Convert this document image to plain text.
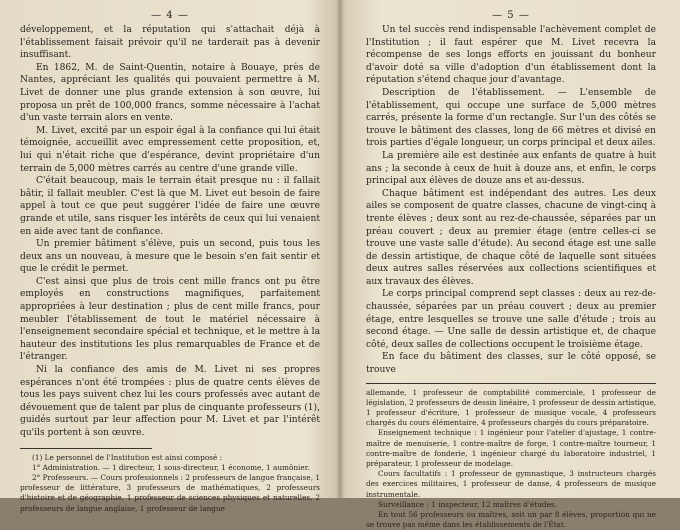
— 4 —
développement, et la réputation qui s'attachait déjà à l'établissement faisait prévoir qu'il ne tarderait pas à devenir insuffisant.
En 1862, M. de Saint-Quentin, notaire à Bouaye, près de Nantes, appréciant les qualités qui pouvaient permettre à M. Livet de donner une plus grande extension à son œuvre, lui proposa un prêt de 100,000 francs, somme nécessaire à l'achat d'un vaste terrain alors en vente.
M. Livet, excité par un espoir égal à la confiance qui lui était témoignée, accueillit avec empressement cette proposition, et, lui qui n'était riche que d'espérance, devint propriétaire d'un terrain de 5,000 mètres carrés au centre d'une grande ville.
C'était beaucoup, mais le terrain était presque nu : il fallait bâtir, il fallait meubler. C'est là que M. Livet eut besoin de faire appel à tout ce que peut suggérer l'idée de faire une œuvre grande et utile, sans risquer les intérêts de ceux qui lui venaient en aide avec tant de confiance.
Un premier bâtiment s'élève, puis un second, puis tous les deux ans un nouveau, à mesure que le besoin s'en fait sentir et que le crédit le permet.
C'est ainsi que plus de trois cent mille francs ont pu être employés en constructions magnifiques, parfaitement appropriées à leur destination ; plus de cent mille francs, pour meubler l'établissement de tout le matériel nécessaire à l'enseignement secondaire spécial et technique, et le mettre à la hauteur des institutions les plus remarquables de France et de l'étranger.
Ni la confiance des amis de M. Livet ni ses propres espérances n'ont été trompées : plus de quatre cents élèves de tous les pays suivent chez lui les cours professés avec autant de dévouement que de talent par plus de cinquante professeurs (1), guidés surtout par leur affection pour M. Livet et par l'intérêt qu'ils portent à son œuvre.
(1) Le personnel de l'Institution est ainsi composé :
1° Administration. — 1 directeur, 1 sous-directeur, 1 économe, 1 aumônier.
2° Professeurs. — Cours professionnels : 2 professeurs de langue française, 1 professeur de littérature, 3 professeurs de mathématiques, 2 professeurs d'histoire et de géographie, 1 professeur de sciences physiques et naturelles, 2 professeurs de langue anglaise, 1 professeur de langue
— 5 —
Un tel succès rend indispensable l'achèvement complet de l'Institution ; il faut espérer que M. Livet recevra la récompense de ses longs efforts en jouissant du bonheur d'avoir doté sa ville d'adoption d'un établissement dont la réputation s'étend chaque jour d'avantage.
Description de l'établissement. — L'ensemble de l'établissement, qui occupe une surface de 5,000 mètres carrés, présente la forme d'un rectangle. Sur l'un des côtés se trouve le bâtiment des classes, long de 66 mètres et divisé en trois parties d'égale longueur, un corps principal et deux ailes.
La première aile est destinée aux enfants de quatre à huit ans ; la seconde à ceux de huit à douze ans, et enfin, le corps principal aux élèves de douze ans et au-dessus.
Chaque bâtiment est indépendant des autres. Les deux ailes se composent de quatre classes, chacune de vingt-cinq à trente élèves ; deux sont au rez-de-chaussée, séparées par un préau couvert ; deux au premier étage (entre celles-ci se trouve une vaste salle d'étude). Au second étage est une salle de dessin artistique, de chaque côté de laquelle sont situées deux autres salles réservées aux collections scientifiques et aux travaux des élèves.
Le corps principal comprend sept classes : deux au rez-de-chaussée, séparées par un préau couvert ; deux au premier étage, entre lesquelles se trouve une salle d'étude ; trois au second étage. — Une salle de dessin artistique et, de chaque côté, deux salles de collections occupent le troisième étage.
En face du bâtiment des classes, sur le côté opposé, se trouve
allemande, 1 professeur de comptabilité commerciale, 1 professeur de législation, 2 professeurs de dessin linéaire, 1 professeur de dessin artistique, 1 professeur d'écriture, 1 professeur de musique vocale, 4 professeurs chargés du cours élémentaire, 4 professeurs chargés du cours préparatoire.
Enseignement technique : 1 ingénieur pour l'atelier d'ajustage, 1 contre-maître de menuiserie, 1 contre-maître de forge, 1 contre-maître tourneur, 1 contre-maître de fonderie, 1 ingénieur chargé du laboratoire industriel, 1 préparateur, 1 professeur de modelage.
Cours facultatifs : 1 professeur de gymnastique, 3 instructeurs chargés des exercices militaires, 1 professeur de danse, 4 professeurs de musique instrumentale.
Surveillance : 1 inspecteur, 12 maîtres d'études.
En tout 56 professeurs ou maîtres, soit un par 8 élèves, proportion qui ne se trouve pas même dans les établissements de l'État.
